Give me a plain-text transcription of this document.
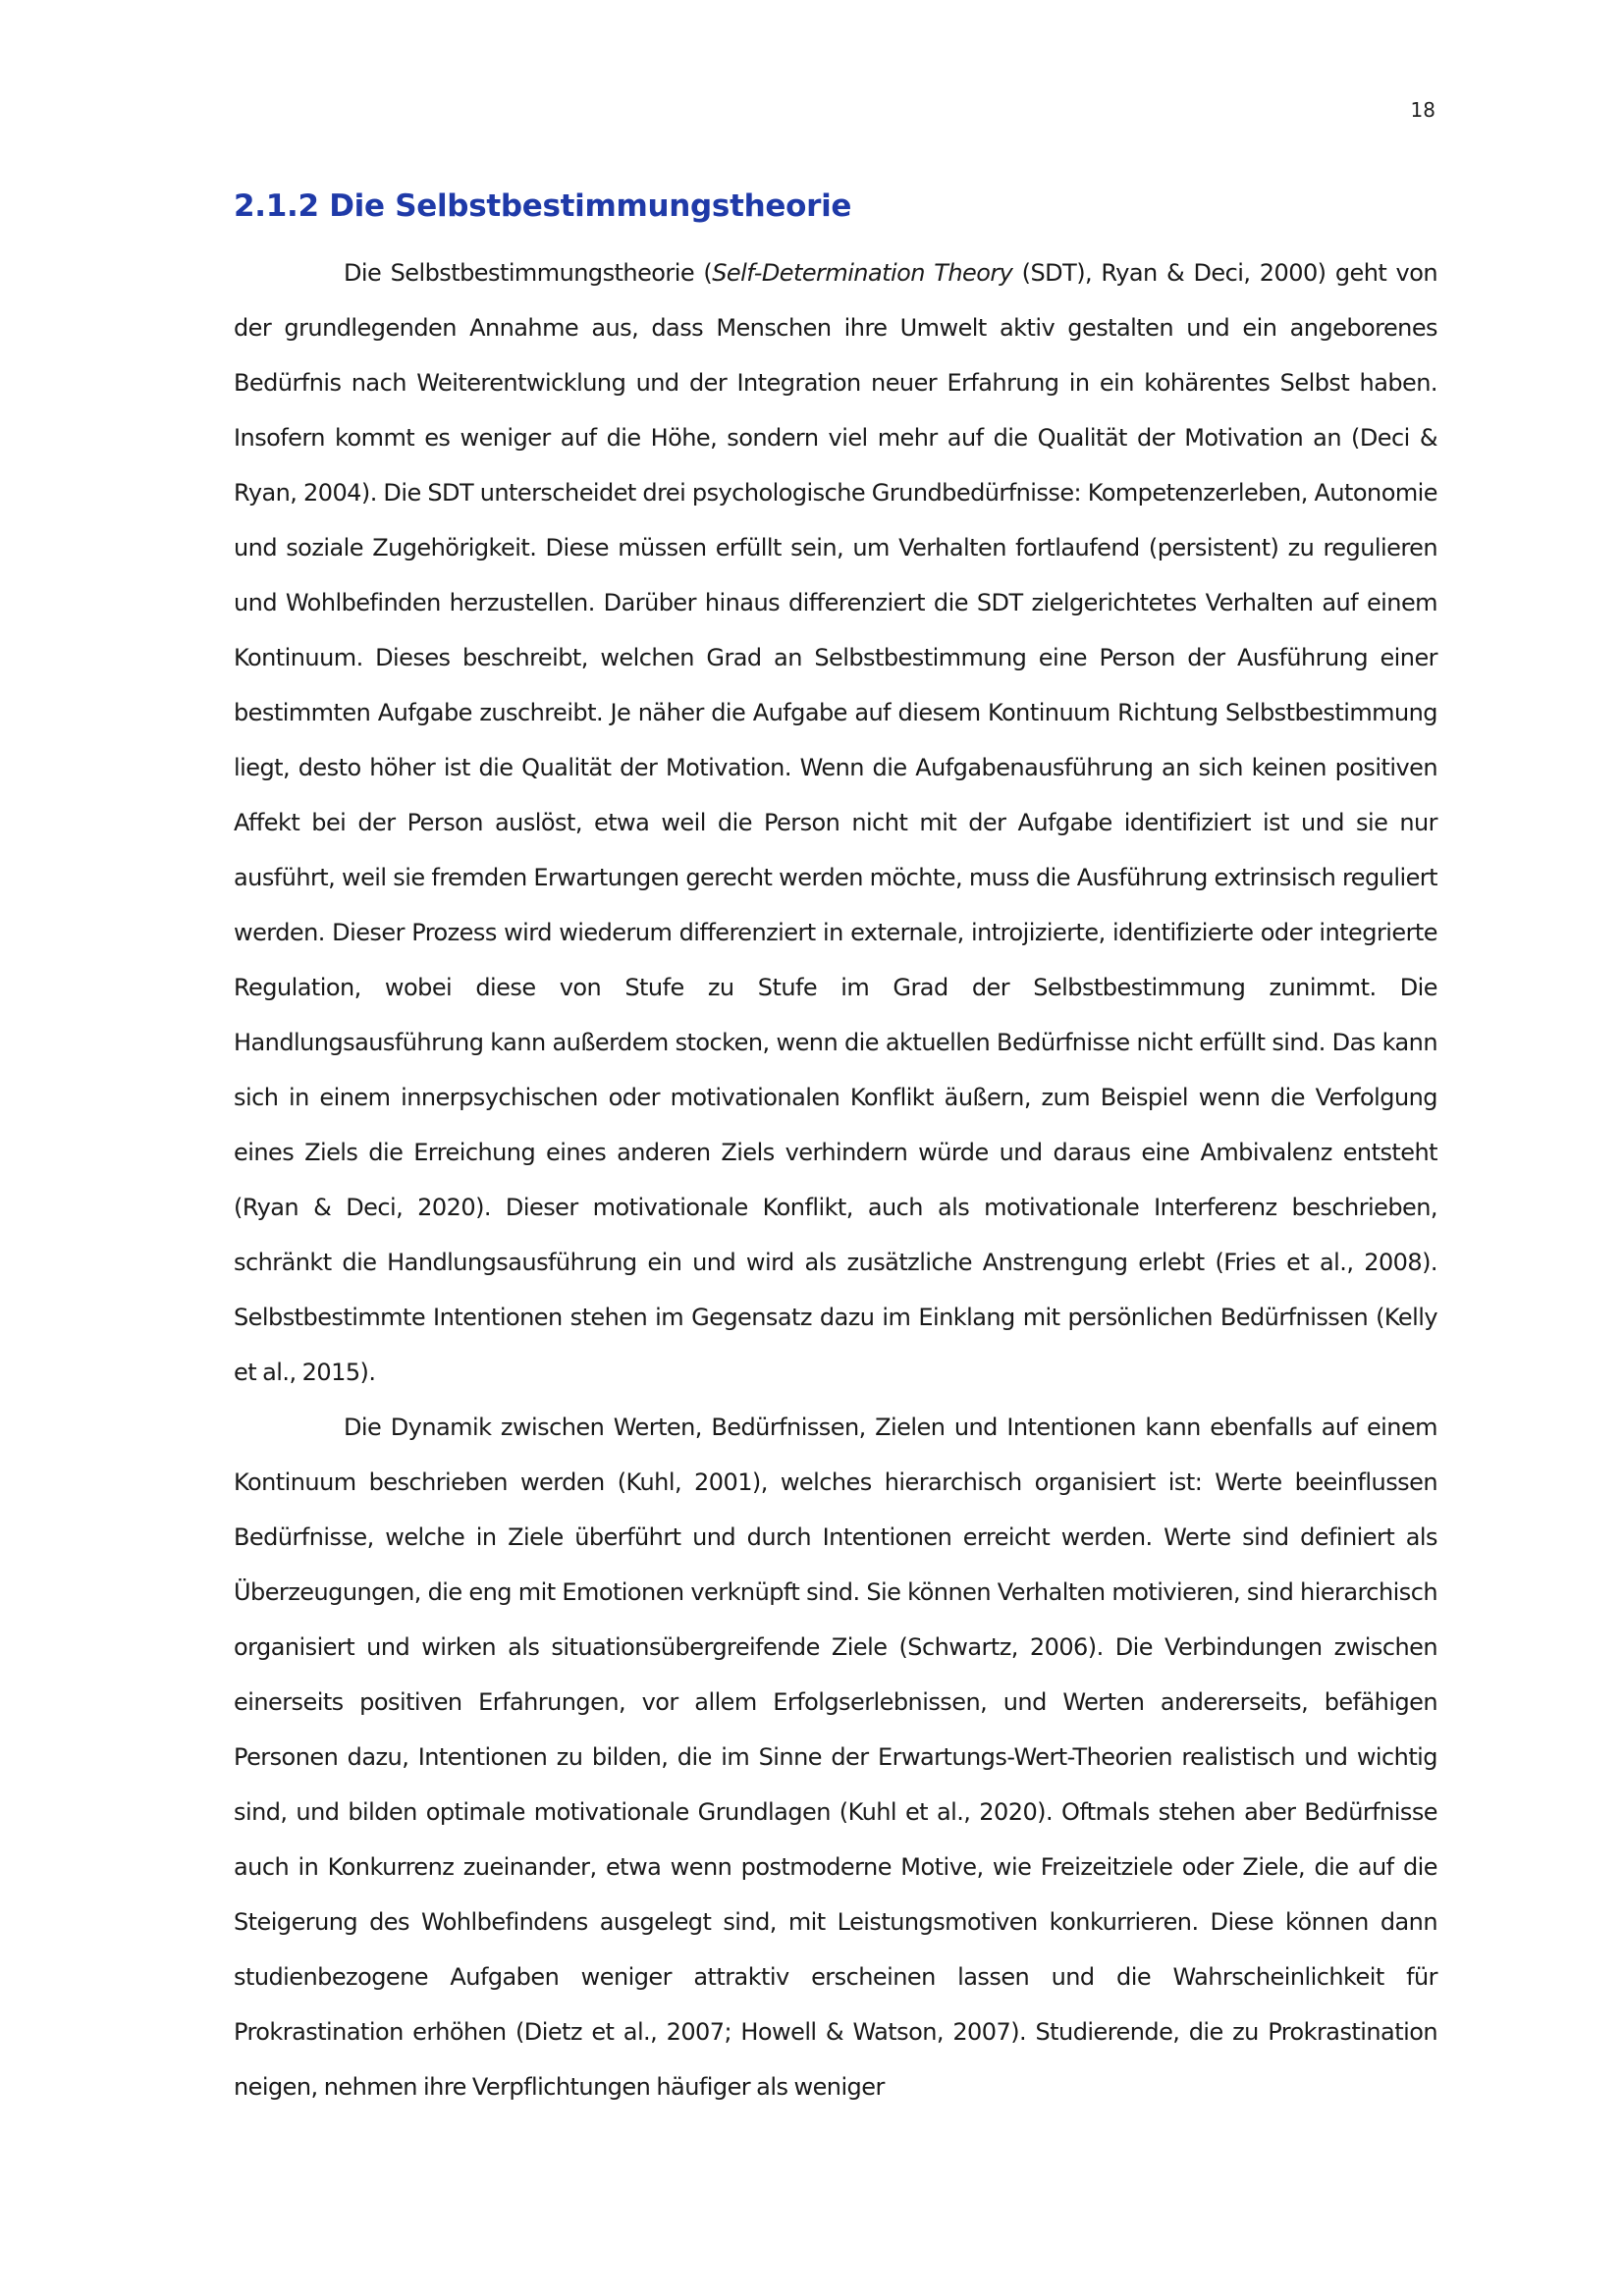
18
2.1.2 Die Selbstbestimmungstheorie

Die Selbstbestimmungstheorie (Self-Determination Theory (SDT), Ryan & Deci, 2000) geht von der grundlegenden Annahme aus, dass Menschen ihre Umwelt aktiv gestalten und ein angeborenes Bedürfnis nach Weiterentwicklung und der Integration neuer Erfahrung in ein kohärentes Selbst haben. Insofern kommt es weniger auf die Höhe, sondern viel mehr auf die Qualität der Motivation an (Deci & Ryan, 2004). Die SDT unterscheidet drei psychologische Grundbedürfnisse: Kompetenzerleben, Autonomie und soziale Zugehörigkeit. Diese müssen erfüllt sein, um Verhalten fortlaufend (persistent) zu regulieren und Wohlbefinden herzustellen. Darüber hinaus differenziert die SDT zielgerichtetes Verhalten auf einem Kontinuum. Dieses beschreibt, welchen Grad an Selbstbestimmung eine Person der Ausführung einer bestimmten Aufgabe zuschreibt. Je näher die Aufgabe auf diesem Kontinuum Richtung Selbstbestimmung liegt, desto höher ist die Qualität der Motivation. Wenn die Aufgabenausführung an sich keinen positiven Affekt bei der Person auslöst, etwa weil die Person nicht mit der Aufgabe identifiziert ist und sie nur ausführt, weil sie fremden Erwartungen gerecht werden möchte, muss die Ausführung extrinsisch reguliert werden. Dieser Prozess wird wiederum differenziert in externale, introjizierte, identifizierte oder integrierte Regulation, wobei diese von Stufe zu Stufe im Grad der Selbstbestimmung zunimmt. Die Handlungsausführung kann außerdem stocken, wenn die aktuellen Bedürfnisse nicht erfüllt sind. Das kann sich in einem innerpsychischen oder motivationalen Konflikt äußern, zum Beispiel wenn die Verfolgung eines Ziels die Erreichung eines anderen Ziels verhindern würde und daraus eine Ambivalenz entsteht (Ryan & Deci, 2020). Dieser motivationale Konflikt, auch als motivationale Interferenz beschrieben, schränkt die Handlungsausführung ein und wird als zusätzliche Anstrengung erlebt (Fries et al., 2008). Selbstbestimmte Intentionen stehen im Gegensatz dazu im Einklang mit persönlichen Bedürfnissen (Kelly et al., 2015).

Die Dynamik zwischen Werten, Bedürfnissen, Zielen und Intentionen kann ebenfalls auf einem Kontinuum beschrieben werden (Kuhl, 2001), welches hierarchisch organisiert ist: Werte beeinflussen Bedürfnisse, welche in Ziele überführt und durch Intentionen erreicht werden. Werte sind definiert als Überzeugungen, die eng mit Emotionen verknüpft sind. Sie können Verhalten motivieren, sind hierarchisch organisiert und wirken als situationsübergreifende Ziele (Schwartz, 2006). Die Verbindungen zwischen einerseits positiven Erfahrungen, vor allem Erfolgserlebnissen, und Werten andererseits, befähigen Personen dazu, Intentionen zu bilden, die im Sinne der Erwartungs-Wert-Theorien realistisch und wichtig sind, und bilden optimale motivationale Grundlagen (Kuhl et al., 2020). Oftmals stehen aber Bedürfnisse auch in Konkurrenz zueinander, etwa wenn postmoderne Motive, wie Freizeitziele oder Ziele, die auf die Steigerung des Wohlbefindens ausgelegt sind, mit Leistungsmotiven konkurrieren. Diese können dann studienbezogene Aufgaben weniger attraktiv erscheinen lassen und die Wahrscheinlichkeit für Prokrastination erhöhen (Dietz et al., 2007; Howell & Watson, 2007). Studierende, die zu Prokrastination neigen, nehmen ihre Verpflichtungen häufiger als weniger
